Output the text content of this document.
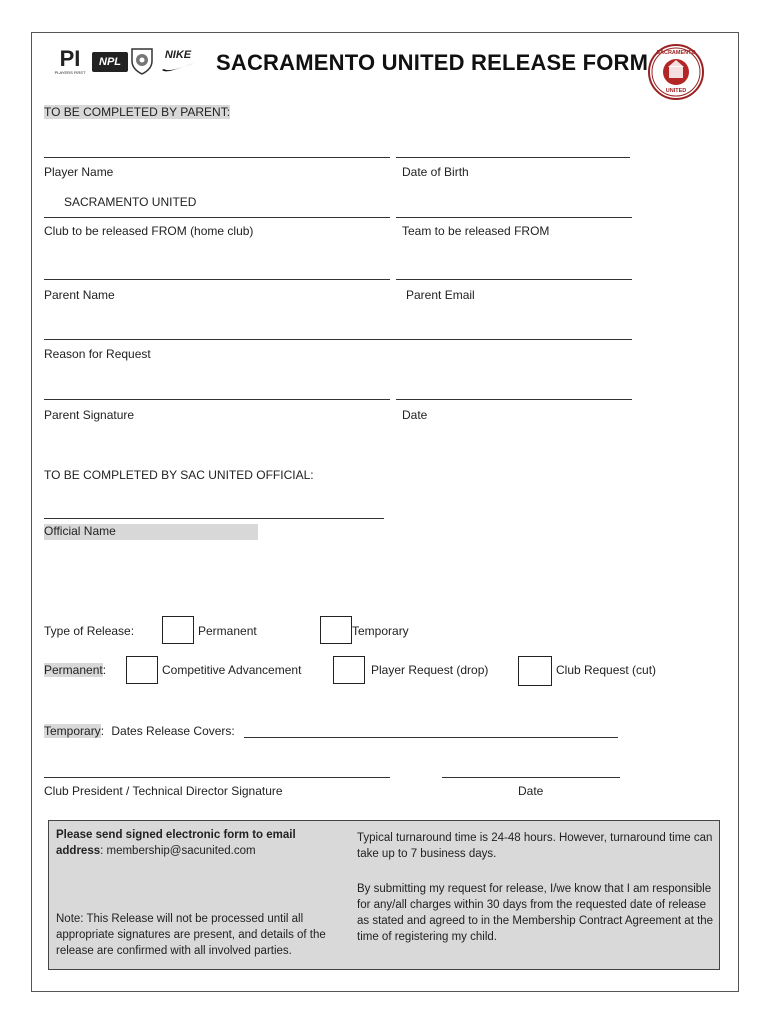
PI
PLAYERS FIRST
NPL
NIKE SACRAMENTO UNITED RELEASE FORM	SACRAMENTO
UNITED
TO BE COMPLETED BY PARENT:
Player Name	Date of Birth
SACRAMENTO UNITED
Club to be released FROM (home club)	Team to be released FROM
Parent Name	Parent Email
Reason for Request
Parent Signature	Date
TO BE COMPLETED BY SAC UNITED OFFICIAL:
Official Name
Type of Release:	Permanent	Temporary
Permanent:	Competitive Advancement	Player Request (drop)	Club Request (cut)
Temporary: Dates Release Covers:
Club President / Technical Director Signature	Date
Please send signed electronic form to email address: membership@sacunited.com
Note: This Release will not be processed until all appropriate signatures are present, and details of the release are confirmed with all involved parties.
Typical turnaround time is 24-48 hours. However, turnaround time can take up to 7 business days.
By submitting my request for release, I/we know that I am responsible for any/all charges within 30 days from the requested date of release as stated and agreed to in the Membership Contract Agreement at the time of registering my child.
